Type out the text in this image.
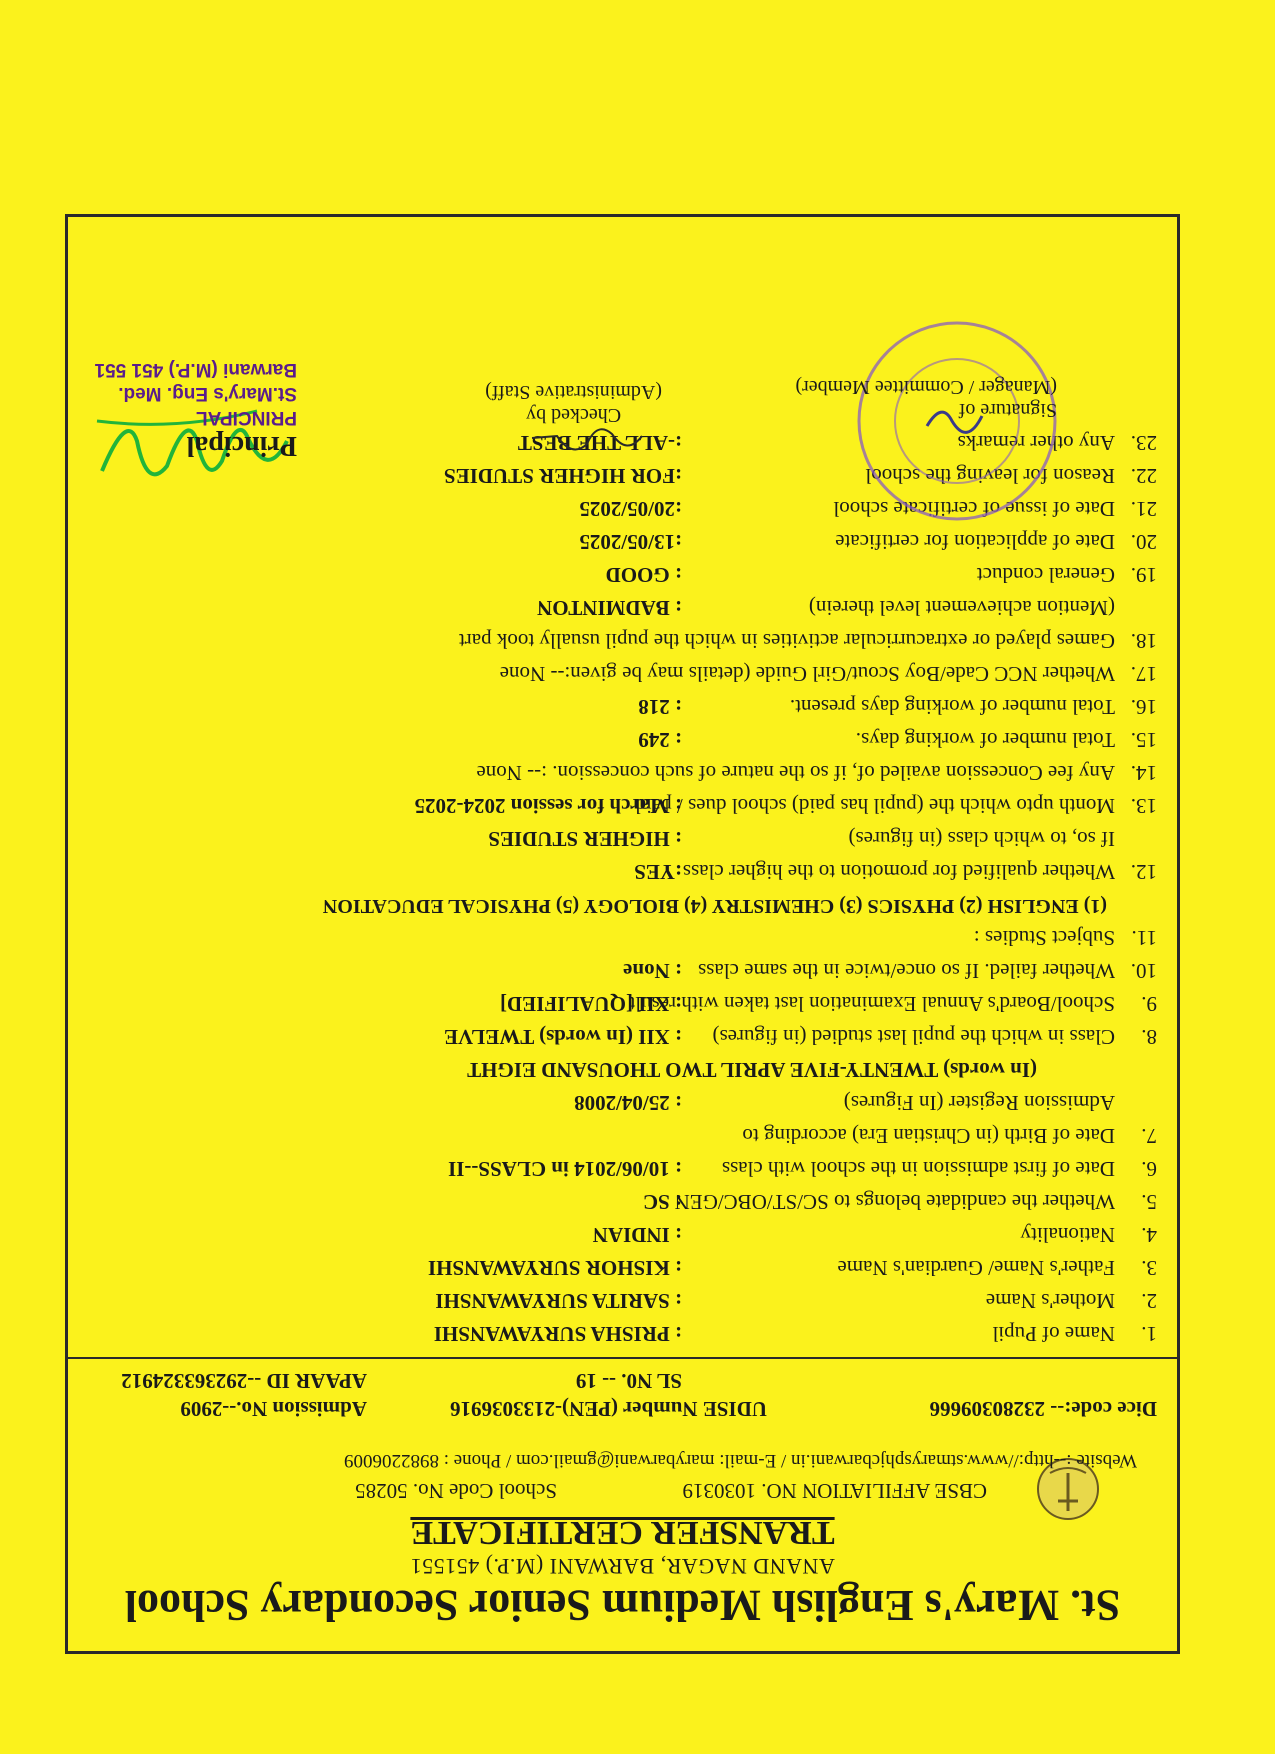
St. Mary's English Medium Senior Secondary School
ANAND NAGAR, BARWANI (M.P.) 451551
TRANSFER CERTIFICATE
CBSE AFFILIATION NO. 1030319
School Code No. 50285
Website :--http://www.stmarysphjcbarwani.in / E-mail: marybarwani@gmail.com / Phone : 8982206009
Dice code:-- 23280309666
UDISE Number (PEN)-2133036916
Admission No.--2909
SL N0. -- 19
APAAR ID --292363324912
1.
Name of Pupil
: PRISHA SURYAWANSHI
2.
Mother's Name
: SARITA SURYAWANSHI
3.
Father's Name/ Guardian's Name
: KISHOR SURYAWANSHI
4.
Nationality
: INDIAN
5.
Whether the candidate belongs to SC/ST/OBC/GEN
: SC
6.
Date of first admission in the school with class
: 10/06/2014 in CLASS--II
7.
Date of Birth (in Christian Era) according to
Admission Register (In Figures)
: 25/04/2008
(In words) TWENTY-FIVE APRIL TWO THOUSAND EIGHT
8.
Class in which the pupil last studied (in figures)
: XII (In words) TWELVE
9.
School/Board's Annual Examination last taken with result
: XII [QUALIFIED]
10.
Whether failed. If so once/twice in the same class
: None
11.
Subject Studies :
(1) ENGLISH (2) PHYSICS (3) CHEMISTRY (4) BIOLOGY (5) PHYSICAL EDUCATION
12.
Whether qualified for promotion to the higher class
:YES
If so, to which class (in figures)
: HIGHER STUDIES
13.
Month upto which the (pupil has paid) school dues / paid
: March for session 2024-2025
14.
Any fee Concession availed of, if so the nature of such concession. :-- None
15.
Total number of working days.
: 249
16.
Total number of working days present.
: 218
17.
Whether NCC Cade/Boy Scout/Girl Guide (details may be given:-- None
18.
Games played or extracurricular activities in which the pupil usually took part
(Mention achievement level therein)
: BADMINTON
19.
General conduct
: GOOD
20.
Date of application for certificate
:13/05/2025
21.
Date of issue of certificate school
:20/05/2025
22.
Reason for leaving the school
:FOR HIGHER STUDIES
23.
Any other remarks
:-ALL THE BEST
Signature of
(Manager / Committee Member)
Checked by
(Administrative Staff)
Principal
PRINCIPAL
St.Mary's Eng. Med.
Barwani (M.P.) 451 551
